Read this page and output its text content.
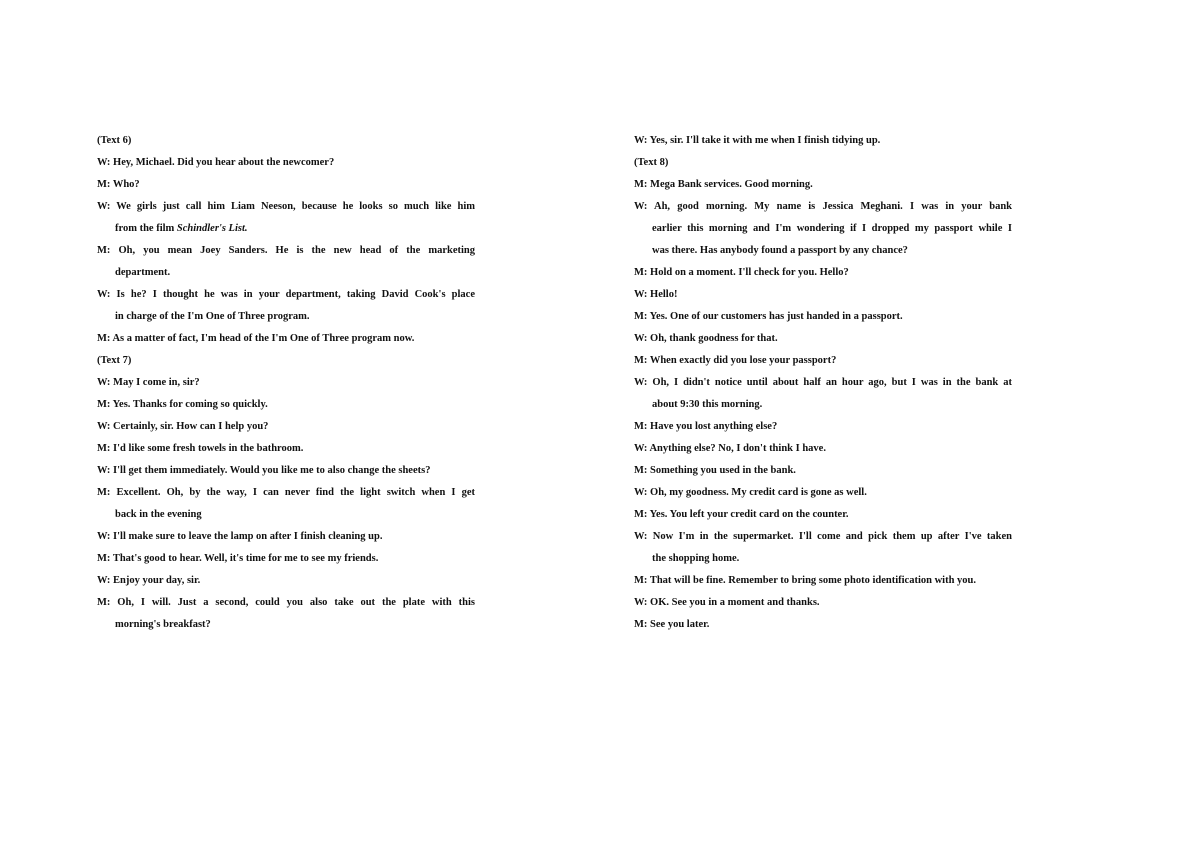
(Text 6)
W: Hey, Michael. Did you hear about the newcomer?
M: Who?
W: We girls just call him Liam Neeson, because he looks so much like him
from the film Schindler's List.
M: Oh, you mean Joey Sanders. He is the new head of the marketing
department.
W: Is he? I thought he was in your department, taking David Cook's place
in charge of the I'm One of Three program.
M: As a matter of fact, I'm head of the I'm One of Three program now.
(Text 7)
W: May I come in, sir?
M: Yes. Thanks for coming so quickly.
W: Certainly, sir. How can I help you?
M: I'd like some fresh towels in the bathroom.
W: I'll get them immediately. Would you like me to also change the sheets?
M: Excellent. Oh, by the way, I can never find the light switch when I get
back in the evening
W: I'll make sure to leave the lamp on after I finish cleaning up.
M: That's good to hear. Well, it's time for me to see my friends.
W: Enjoy your day, sir.
M: Oh, I will. Just a second, could you also take out the plate with this
morning's breakfast?
W: Yes, sir. I'll take it with me when I finish tidying up.
(Text 8)
M: Mega Bank services. Good morning.
W: Ah, good morning. My name is Jessica Meghani. I was in your bank
earlier this morning and I'm wondering if I dropped my passport while I
was there. Has anybody found a passport by any chance?
M: Hold on a moment. I'll check for you. Hello?
W: Hello!
M: Yes. One of our customers has just handed in a passport.
W: Oh, thank goodness for that.
M: When exactly did you lose your passport?
W: Oh, I didn't notice until about half an hour ago, but I was in the bank at
about 9:30 this morning.
M: Have you lost anything else?
W: Anything else? No, I don't think I have.
M: Something you used in the bank.
W: Oh, my goodness. My credit card is gone as well.
M: Yes. You left your credit card on the counter.
W: Now I'm in the supermarket. I'll come and pick them up after I've taken
the shopping home.
M: That will be fine. Remember to bring some photo identification with you.
W: OK. See you in a moment and thanks.
M: See you later.
